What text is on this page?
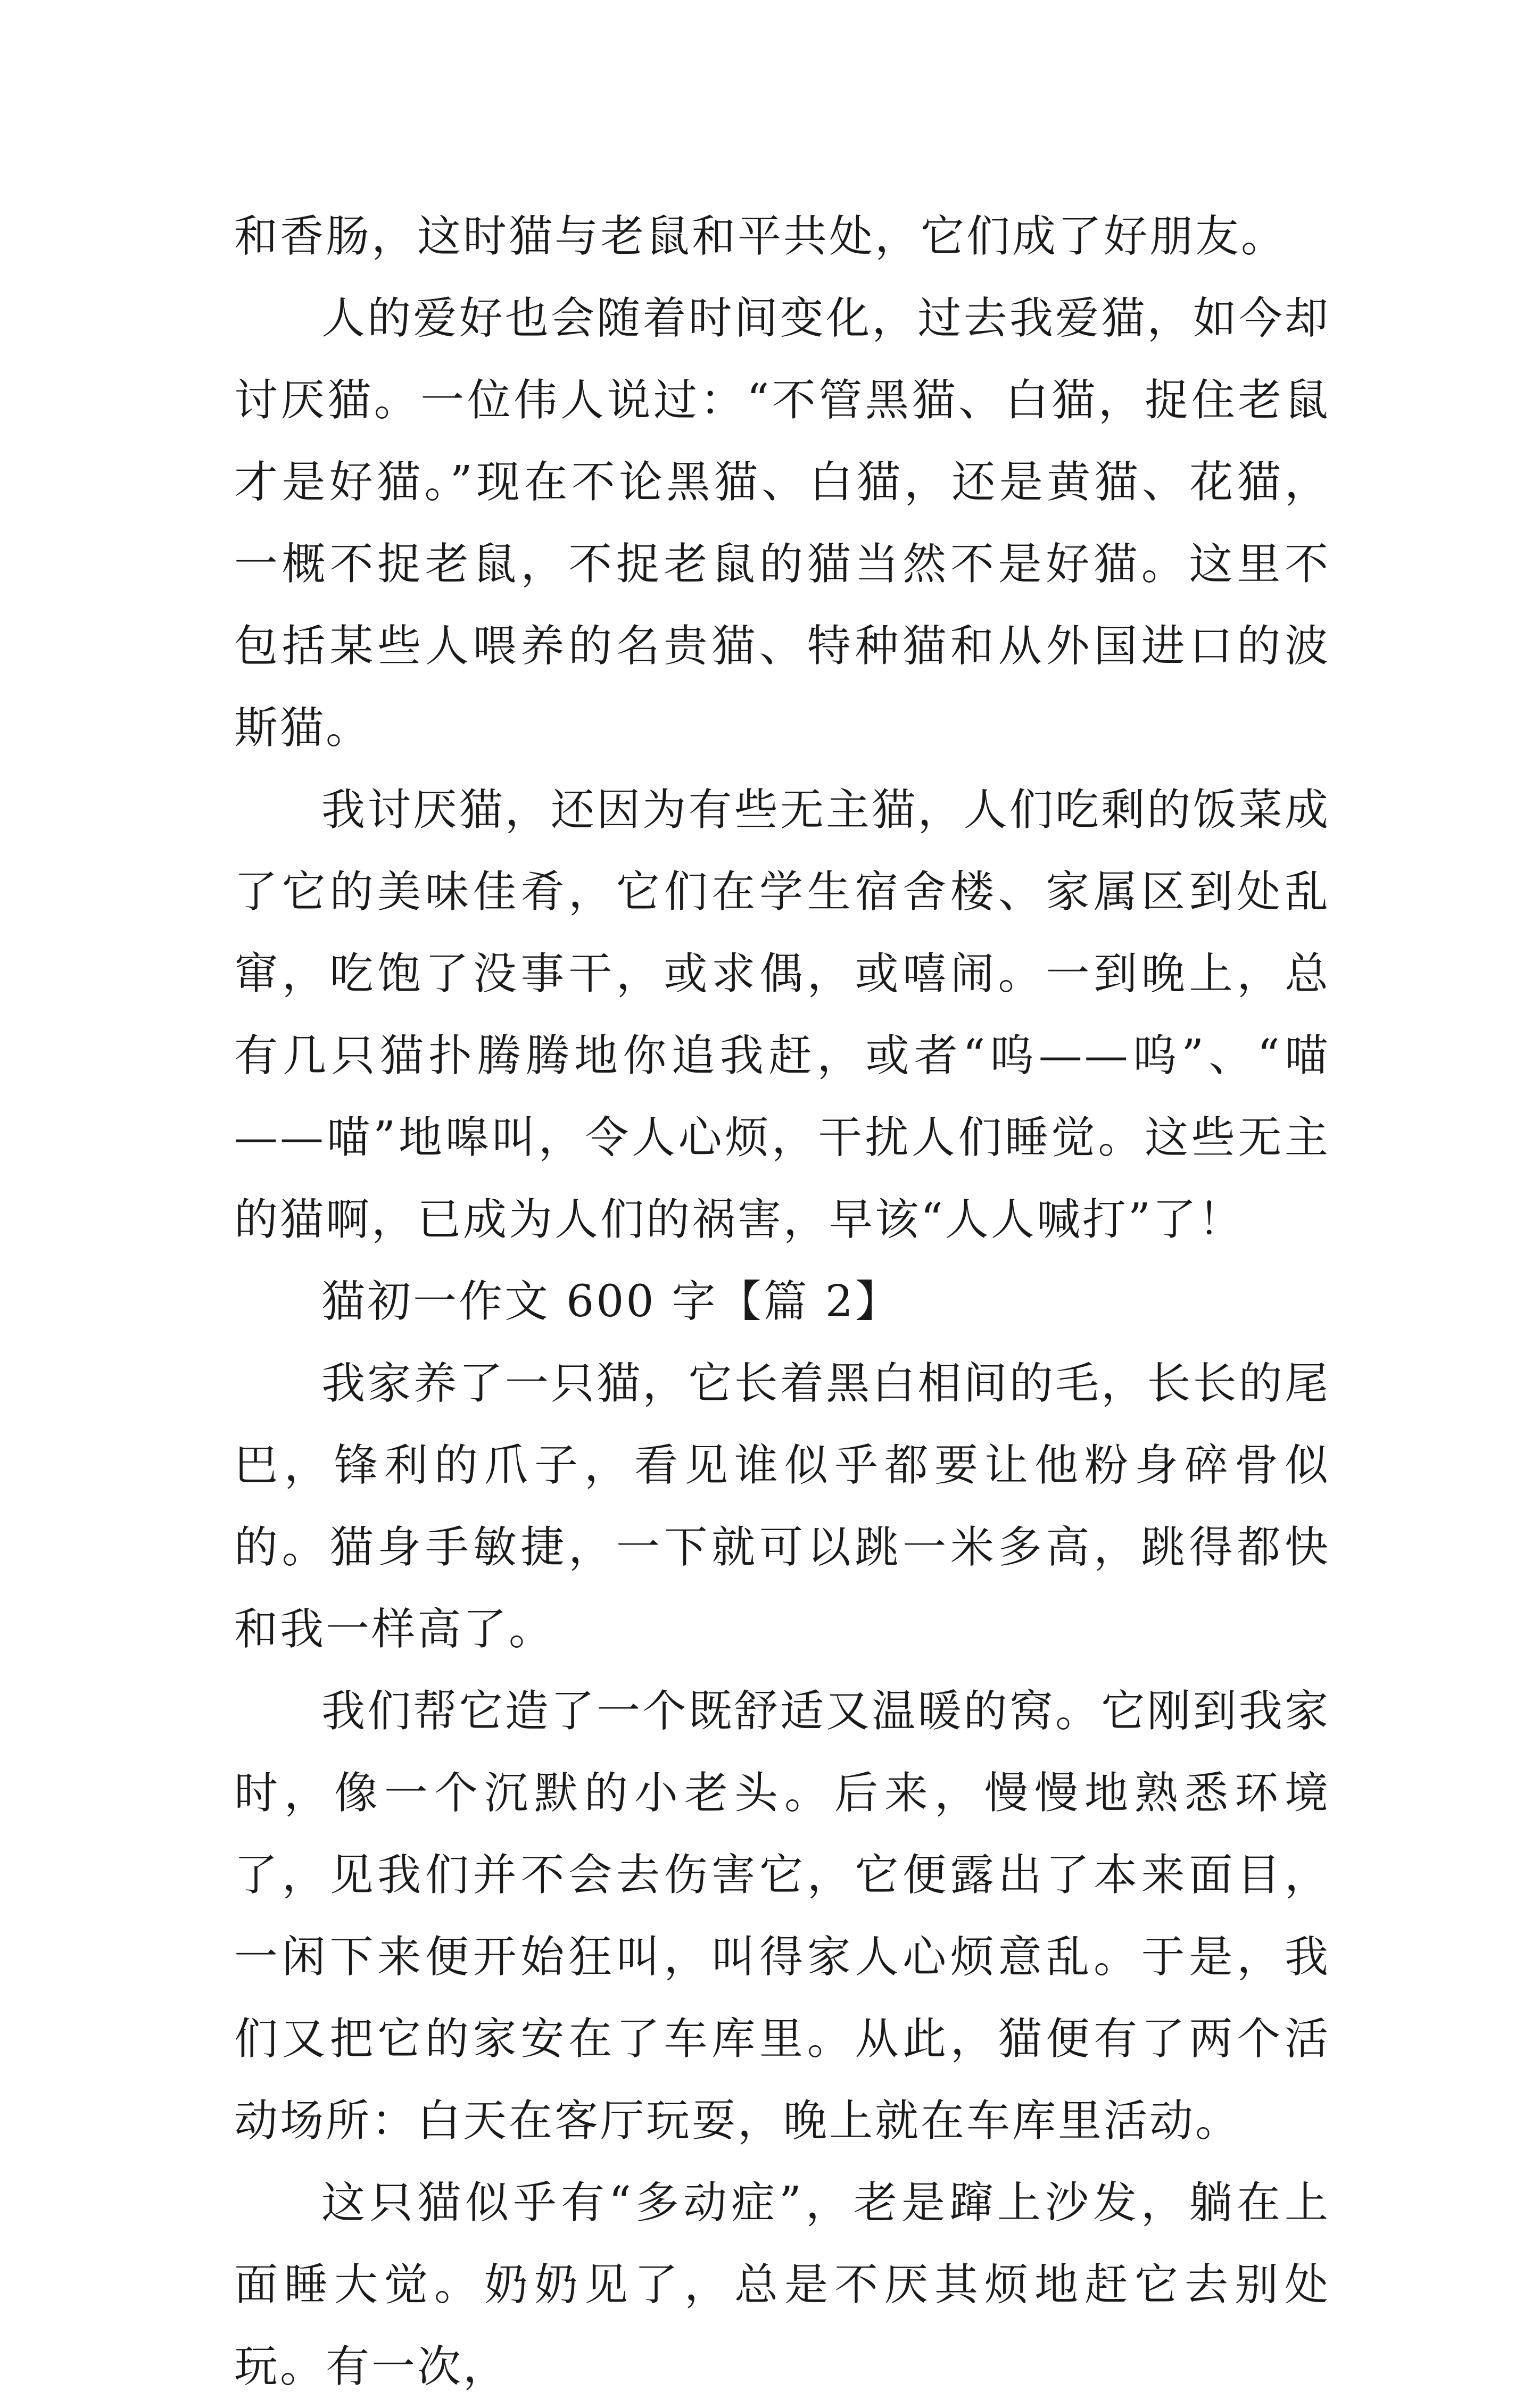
和香肠，这时猫与老鼠和平共处，它们成了好朋友。

人的爱好也会随着时间变化，过去我爱猫，如今却讨厌猫。一位伟人说过：“不管黑猫、白猫，捉住老鼠才是好猫。”现在不论黑猫、白猫，还是黄猫、花猫，一概不捉老鼠，不捉老鼠的猫当然不是好猫。这里不包括某些人喂养的名贵猫、特种猫和从外国进口的波斯猫。

我讨厌猫，还因为有些无主猫，人们吃剩的饭菜成了它的美味佳肴，它们在学生宿舍楼、家属区到处乱窜，吃饱了没事干，或求偶，或嘻闹。一到晚上，总有几只猫扑腾腾地你追我赶，或者“呜——呜”、“喵——喵”地嗥叫，令人心烦，干扰人们睡觉。这些无主的猫啊，已成为人们的祸害，早该“人人喊打”了！

猫初一作文 600 字【篇 2】

我家养了一只猫，它长着黑白相间的毛，长长的尾巴，锋利的爪子，看见谁似乎都要让他粉身碎骨似的。猫身手敏捷，一下就可以跳一米多高，跳得都快和我一样高了。

我们帮它造了一个既舒适又温暖的窝。它刚到我家时，像一个沉默的小老头。后来，慢慢地熟悉环境了，见我们并不会去伤害它，它便露出了本来面目，一闲下来便开始狂叫，叫得家人心烦意乱。于是，我们又把它的家安在了车库里。从此，猫便有了两个活动场所：白天在客厅玩耍，晚上就在车库里活动。

这只猫似乎有“多动症”，老是蹿上沙发，躺在上面睡大觉。奶奶见了，总是不厌其烦地赶它去别处玩。有一次，
